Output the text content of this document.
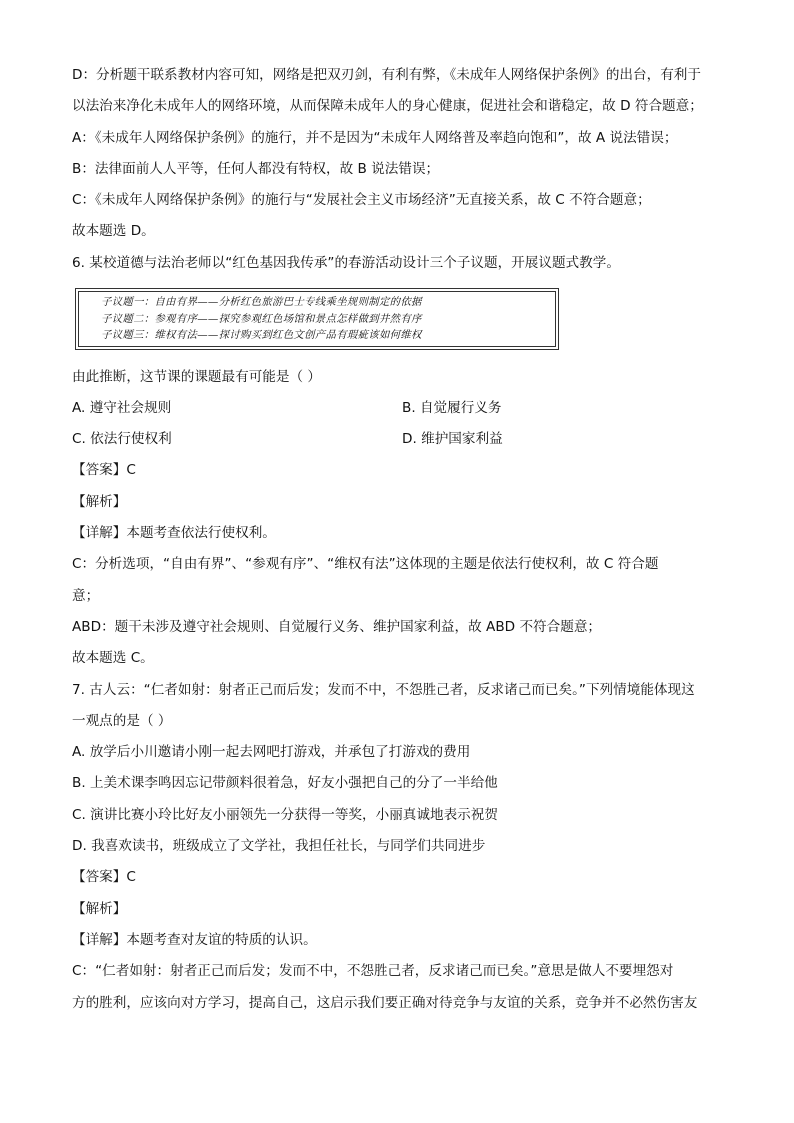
D：分析题干联系教材内容可知，网络是把双刃剑，有利有弊，《未成年人网络保护条例》的出台，有利于
以法治来净化未成年人的网络环境，从而保障未成年人的身心健康，促进社会和谐稳定，故 D 符合题意；
A：《未成年人网络保护条例》的施行，并不是因为“未成年人网络普及率趋向饱和”，故 A 说法错误；
B：法律面前人人平等，任何人都没有特权，故 B 说法错误；
C：《未成年人网络保护条例》的施行与“发展社会主义市场经济”无直接关系，故 C 不符合题意；
故本题选 D。
6. 某校道德与法治老师以“红色基因我传承”的春游活动设计三个子议题，开展议题式教学。
子议题一：自由有界——分析红色旅游巴士专线乘坐规则制定的依据
子议题二：参观有序——探究参观红色场馆和景点怎样做到井然有序
子议题三：维权有法——探讨购买到红色文创产品有瑕疵该如何维权
由此推断，这节课的课题最有可能是（ ）
A. 遵守社会规则	B. 自觉履行义务
C. 依法行使权利	D. 维护国家利益
【答案】C
【解析】
【详解】本题考查依法行使权利。
C：分析选项，“自由有界”、“参观有序”、“维权有法”这体现的主题是依法行使权利，故 C 符合题
意；
ABD：题干未涉及遵守社会规则、自觉履行义务、维护国家利益，故 ABD 不符合题意；
故本题选 C。
7. 古人云：“仁者如射：射者正己而后发；发而不中，不怨胜己者，反求诸己而已矣。”下列情境能体现这
一观点的是（ ）
A. 放学后小川邀请小刚一起去网吧打游戏，并承包了打游戏的费用
B. 上美术课李鸣因忘记带颜料很着急，好友小强把自己的分了一半给他
C. 演讲比赛小玲比好友小丽领先一分获得一等奖，小丽真诚地表示祝贺
D. 我喜欢读书，班级成立了文学社，我担任社长，与同学们共同进步
【答案】C
【解析】
【详解】本题考查对友谊的特质的认识。
C：“仁者如射：射者正己而后发；发而不中，不怨胜己者，反求诸己而已矣。”意思是做人不要埋怨对
方的胜利，应该向对方学习，提高自己，这启示我们要正确对待竞争与友谊的关系，竞争并不必然伤害友
